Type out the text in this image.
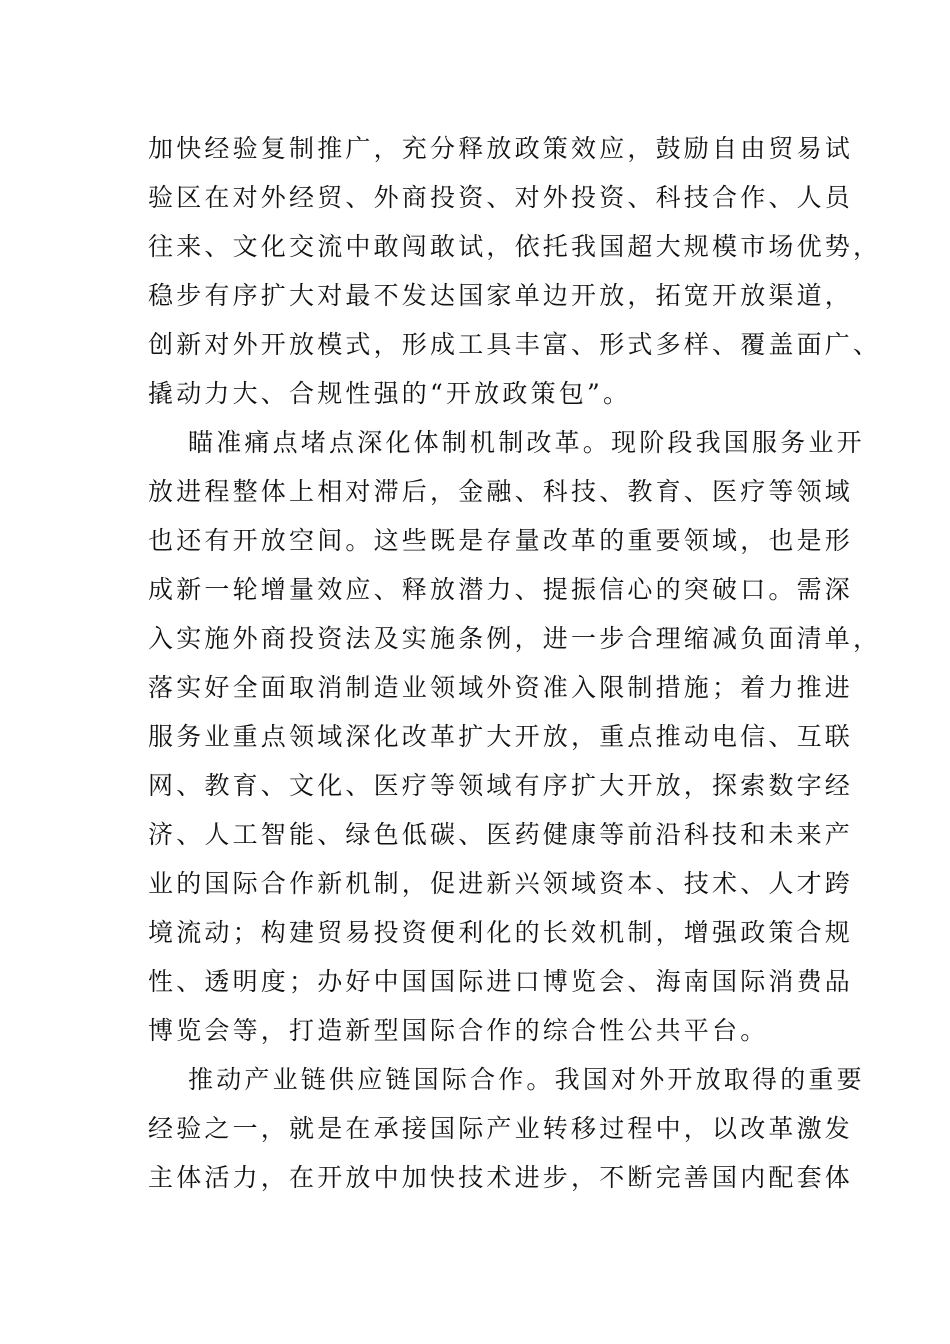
加快经验复制推广，充分释放政策效应，鼓励自由贸易试
验区在对外经贸、外商投资、对外投资、科技合作、人员
往来、文化交流中敢闯敢试，依托我国超大规模市场优势，
稳步有序扩大对最不发达国家单边开放，拓宽开放渠道，
创新对外开放模式，形成工具丰富、形式多样、覆盖面广、
撬动力大、合规性强的“开放政策包”。

瞄准痛点堵点深化体制机制改革。现阶段我国服务业开
放进程整体上相对滞后，金融、科技、教育、医疗等领域
也还有开放空间。这些既是存量改革的重要领域，也是形
成新一轮增量效应、释放潜力、提振信心的突破口。需深
入实施外商投资法及实施条例，进一步合理缩减负面清单，
落实好全面取消制造业领域外资准入限制措施；着力推进
服务业重点领域深化改革扩大开放，重点推动电信、互联
网、教育、文化、医疗等领域有序扩大开放，探索数字经
济、人工智能、绿色低碳、医药健康等前沿科技和未来产
业的国际合作新机制，促进新兴领域资本、技术、人才跨
境流动；构建贸易投资便利化的长效机制，增强政策合规
性、透明度；办好中国国际进口博览会、海南国际消费品
博览会等，打造新型国际合作的综合性公共平台。

推动产业链供应链国际合作。我国对外开放取得的重要
经验之一，就是在承接国际产业转移过程中，以改革激发
主体活力，在开放中加快技术进步，不断完善国内配套体
